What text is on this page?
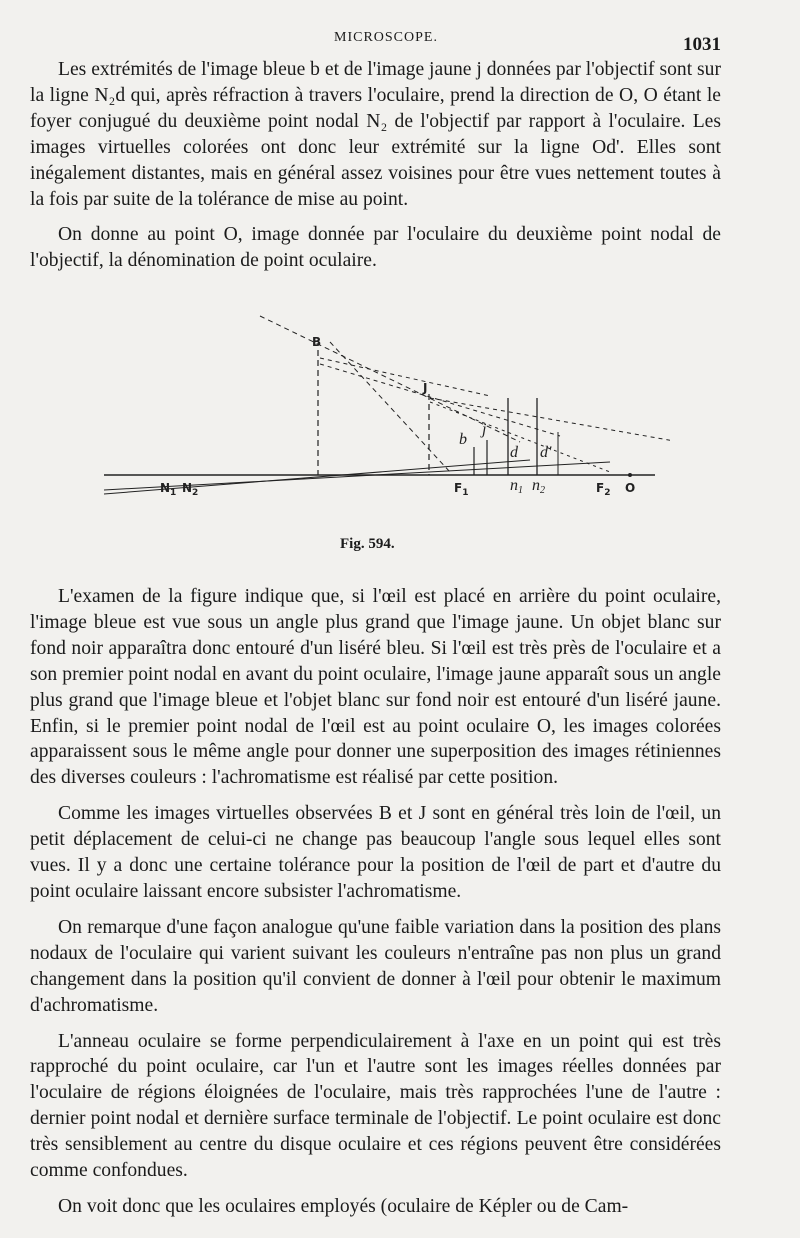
MICROSCOPE.	1031

Les extrémités de l'image bleue b et de l'image jaune j données par l'objectif sont sur la ligne N₂d qui, après réfraction à travers l'oculaire, prend la direction de O, O étant le foyer conjugué du deuxième point nodal N₂ de l'objectif par rapport à l'oculaire. Les images virtuelles colorées ont donc leur extrémité sur la ligne Od'. Elles sont inégalement distantes, mais en général assez voisines pour être vues nettement toutes à la fois par suite de la tolérance de mise au point.

On donne au point O, image donnée par l'oculaire du deuxième point nodal de l'objectif, la dénomination de point oculaire.

B
J
b
j
d d'
$N_1$ $N_2$	$F_1$	n1 n2	$F_2$ O
Fig. 594.

L'examen de la figure indique que, si l'œil est placé en arrière du point oculaire, l'image bleue est vue sous un angle plus grand que l'image jaune. Un objet blanc sur fond noir apparaîtra donc entouré d'un liséré bleu. Si l'œil est très près de l'oculaire et a son premier point nodal en avant du point oculaire, l'image jaune apparaît sous un angle plus grand que l'image bleue et l'objet blanc sur fond noir est entouré d'un liséré jaune. Enfin, si le premier point nodal de l'œil est au point oculaire O, les images colorées apparaissent sous le même angle pour donner une superposition des images rétiniennes des diverses couleurs : l'achromatisme est réalisé par cette position.

Comme les images virtuelles observées B et J sont en général très loin de l'œil, un petit déplacement de celui-ci ne change pas beaucoup l'angle sous lequel elles sont vues. Il y a donc une certaine tolérance pour la position de l'œil de part et d'autre du point oculaire laissant encore subsister l'achromatisme.

On remarque d'une façon analogue qu'une faible variation dans la position des plans nodaux de l'oculaire qui varient suivant les couleurs n'entraîne pas non plus un grand changement dans la position qu'il convient de donner à l'œil pour obtenir le maximum d'achromatisme.

L'anneau oculaire se forme perpendiculairement à l'axe en un point qui est très rapproché du point oculaire, car l'un et l'autre sont les images réelles données par l'oculaire de régions éloignées de l'oculaire, mais très rapprochées l'une de l'autre : dernier point nodal et dernière surface terminale de l'objectif. Le point oculaire est donc très sensiblement au centre du disque oculaire et ces régions peuvent être considérées comme confondues.

On voit donc que les oculaires employés (oculaire de Képler ou de Cam-
